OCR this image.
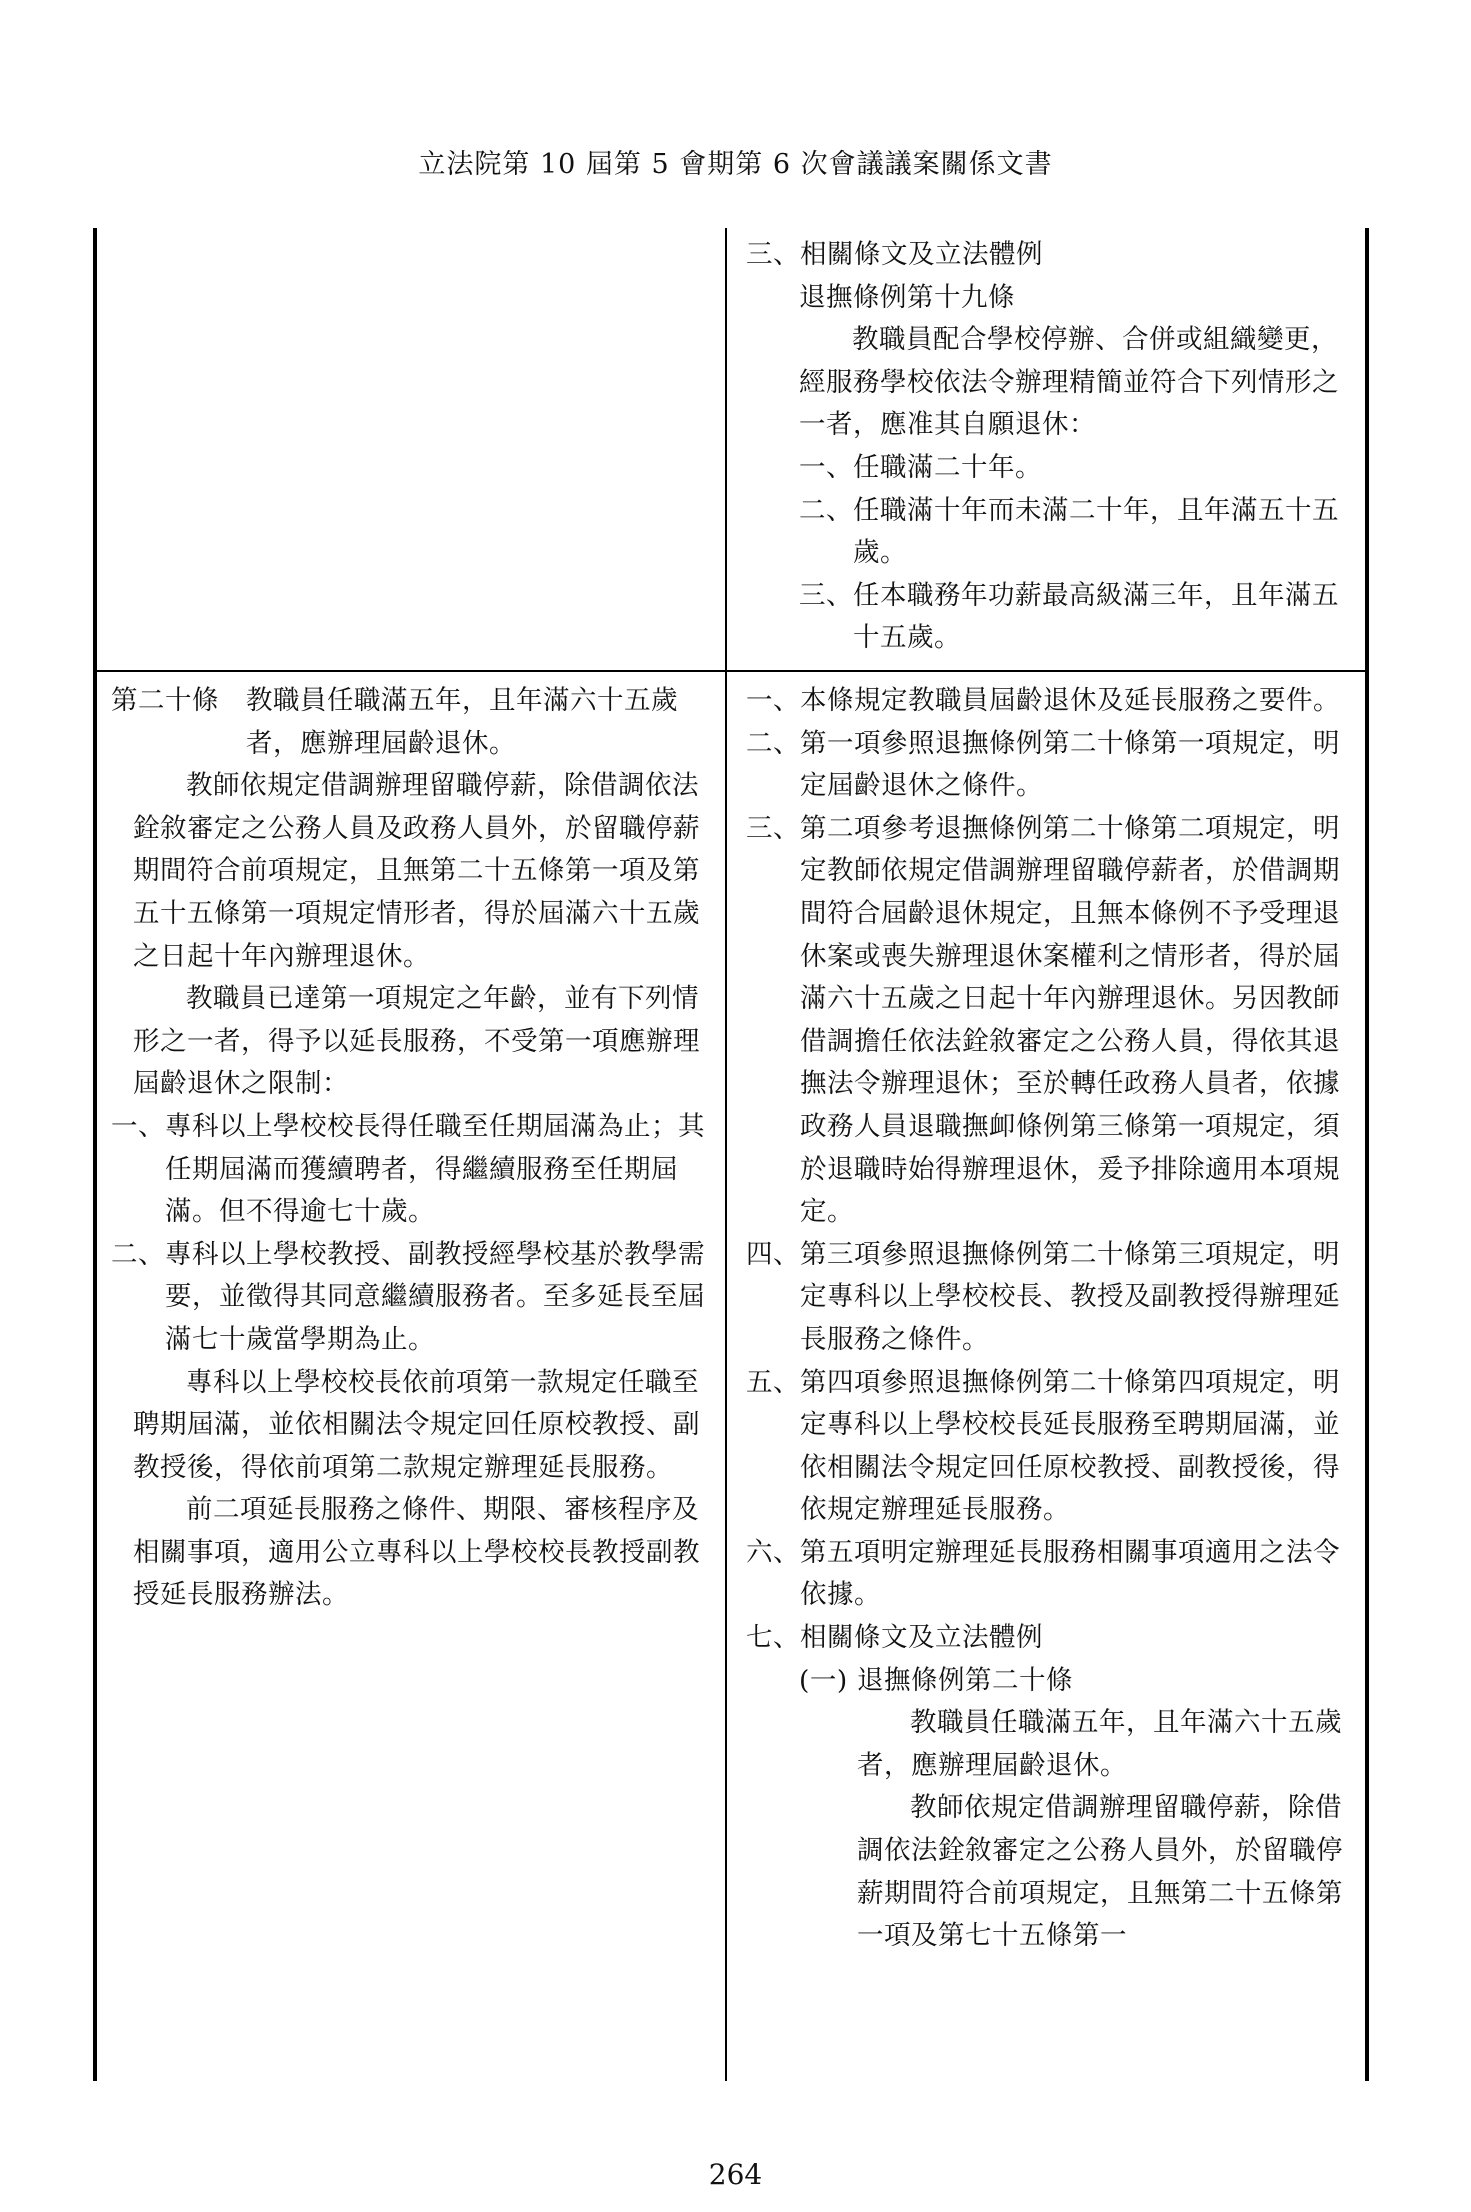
立法院第 10 屆第 5 會期第 6 次會議議案關係文書

三、相關條文及立法體例

退撫條例第十九條

教職員配合學校停辦、合併或組織變更，經服務學校依法令辦理精簡並符合下列情形之一者，應准其自願退休：

一、 任職滿二十年。
二、 任職滿十年而未滿二十年，且年滿五十五歲。
三、 任本職務年功薪最高級滿三年，且年滿五十五歲。
第二十條	教職員任職滿五年，且年滿六十五歲者，應辦理屆齡退休。

教師依規定借調辦理留職停薪，除借調依法銓敘審定之公務人員及政務人員外，於留職停薪期間符合前項規定，且無第二十五條第一項及第五十五條第一項規定情形者，得於屆滿六十五歲之日起十年內辦理退休。

教職員已達第一項規定之年齡，並有下列情形之一者，得予以延長服務，不受第一項應辦理屆齡退休之限制：

一、 專科以上學校校長得任職至任期屆滿為止；其任期屆滿而獲續聘者，得繼續服務至任期屆滿。但不得逾七十歲。
二、 專科以上學校教授、副教授經學校基於教學需要，並徵得其同意繼續服務者。至多延長至屆滿七十歲當學期為止。

專科以上學校校長依前項第一款規定任職至聘期屆滿，並依相關法令規定回任原校教授、副教授後，得依前項第二款規定辦理延長服務。

前二項延長服務之條件、期限、審核程序及相關事項，適用公立專科以上學校校長教授副教授延長服務辦法。

一、 本條規定教職員屆齡退休及延長服務之要件。
二、 第一項參照退撫條例第二十條第一項規定，明定屆齡退休之條件。
三、 第二項參考退撫條例第二十條第二項規定，明定教師依規定借調辦理留職停薪者，於借調期間符合屆齡退休規定，且無本條例不予受理退休案或喪失辦理退休案權利之情形者，得於屆滿六十五歲之日起十年內辦理退休。另因教師借調擔任依法銓敘審定之公務人員，得依其退撫法令辦理退休；至於轉任政務人員者，依據政務人員退職撫卹條例第三條第一項規定，須於退職時始得辦理退休，爰予排除適用本項規定。
四、 第三項參照退撫條例第二十條第三項規定，明定專科以上學校校長、教授及副教授得辦理延長服務之條件。
五、 第四項參照退撫條例第二十條第四項規定，明定專科以上學校校長延長服務至聘期屆滿，並依相關法令規定回任原校教授、副教授後，得依規定辦理延長服務。
六、 第五項明定辦理延長服務相關事項適用之法令依據。
七、 相關條文及立法體例
(一) 退撫條例第二十條

教職員任職滿五年，且年滿六十五歲者，應辦理屆齡退休。

教師依規定借調辦理留職停薪，除借調依法銓敘審定之公務人員外，於留職停薪期間符合前項規定，且無第二十五條第一項及第七十五條第一

264
